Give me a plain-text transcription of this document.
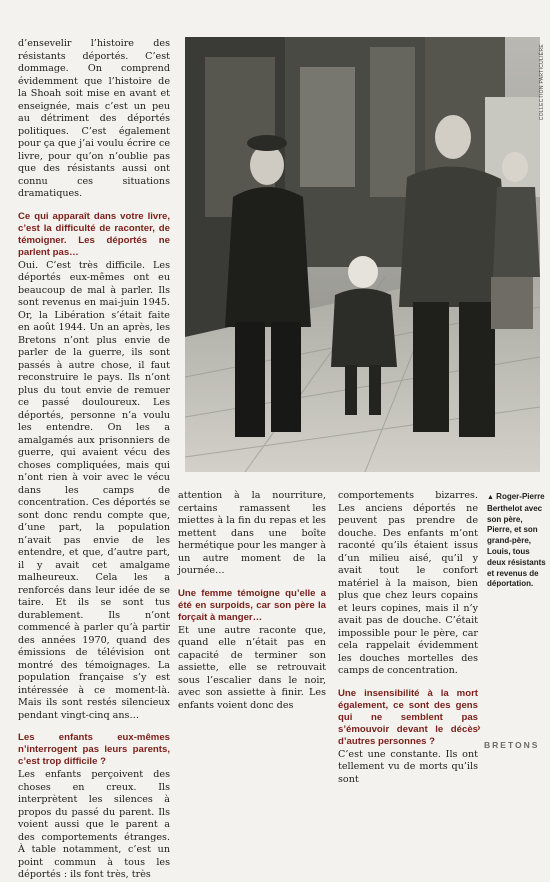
d’ensevelir l’histoire des résistants déportés. C’est dommage. On comprend évidemment que l’histoire de la Shoah soit mise en avant et enseignée, mais c’est un peu au détriment des déportés politiques. C’est également pour ça que j’ai voulu écrire ce livre, pour qu’on n’oublie pas que des résistants aussi ont connu ces situations dramatiques.

Ce qui apparaît dans votre livre, c’est la difficulté de raconter, de témoigner. Les déportés ne parlent pas…

Oui. C’est très difficile. Les déportés eux-mêmes ont eu beaucoup de mal à parler. Ils sont revenus en mai-juin 1945. Or, la Libération s’était faite en août 1944. Un an après, les Bretons n’ont plus envie de parler de la guerre, ils sont passés à autre chose, il faut reconstruire le pays. Ils n’ont plus du tout envie de remuer ce passé douloureux. Les déportés, personne n’a voulu les entendre. On les a amalgamés aux prisonniers de guerre, qui avaient vécu des choses compliquées, mais qui n’ont rien à voir avec le vécu dans les camps de concentration. Ces déportés se sont donc rendu compte que, d’une part, la population n’avait pas envie de les entendre, et que, d’autre part, il y avait cet amalgame malheureux. Cela les a renforcés dans leur idée de se taire. Et ils se sont tus durablement. Ils n’ont commencé à parler qu’à partir des années 1970, quand des émissions de télévision ont montré des témoignages. La population française s’y est intéressée à ce moment-là. Mais ils sont restés silencieux pendant vingt-cinq ans…

Les enfants eux-mêmes n’interrogent pas leurs parents, c’est trop difficile ?

Les enfants perçoivent des choses en creux. Ils interprètent les silences à propos du passé du parent. Ils voient aussi que le parent a des comportements étranges. À table notamment, c’est un point commun à tous les déportés : ils font très, très

COLLECTION PARTICULIÈRE

attention à la nourriture, certains ramassent les miettes à la fin du repas et les mettent dans une boîte hermétique pour les manger à un autre moment de la journée…

Une femme témoigne qu’elle a été en surpoids, car son père la forçait à manger…

Et une autre raconte que, quand elle n’était pas en capacité de terminer son assiette, elle se retrouvait sous l’escalier dans le noir, avec son assiette à finir. Les enfants voient donc des

comportements bizarres. Les anciens déportés ne peuvent pas prendre de douche. Des enfants m’ont raconté qu’ils étaient issus d’un milieu aisé, qu’il y avait tout le confort matériel à la maison, bien plus que chez leurs copains et leurs copines, mais il n’y avait pas de douche. C’était impossible pour le père, car cela rappelait évidemment les douches mortelles des camps de concentration.

Une insensibilité à la mort également, ce sont des gens qui ne semblent pas s’émouvoir devant le décès d’autres personnes ?

C’est une constante. Ils ont tellement vu de morts qu’ils sont

▲ Roger-Pierre Berthelot avec son père, Pierre, et son grand-père, Louis, tous deux résistants et revenus de déportation.
›
BRETONS
